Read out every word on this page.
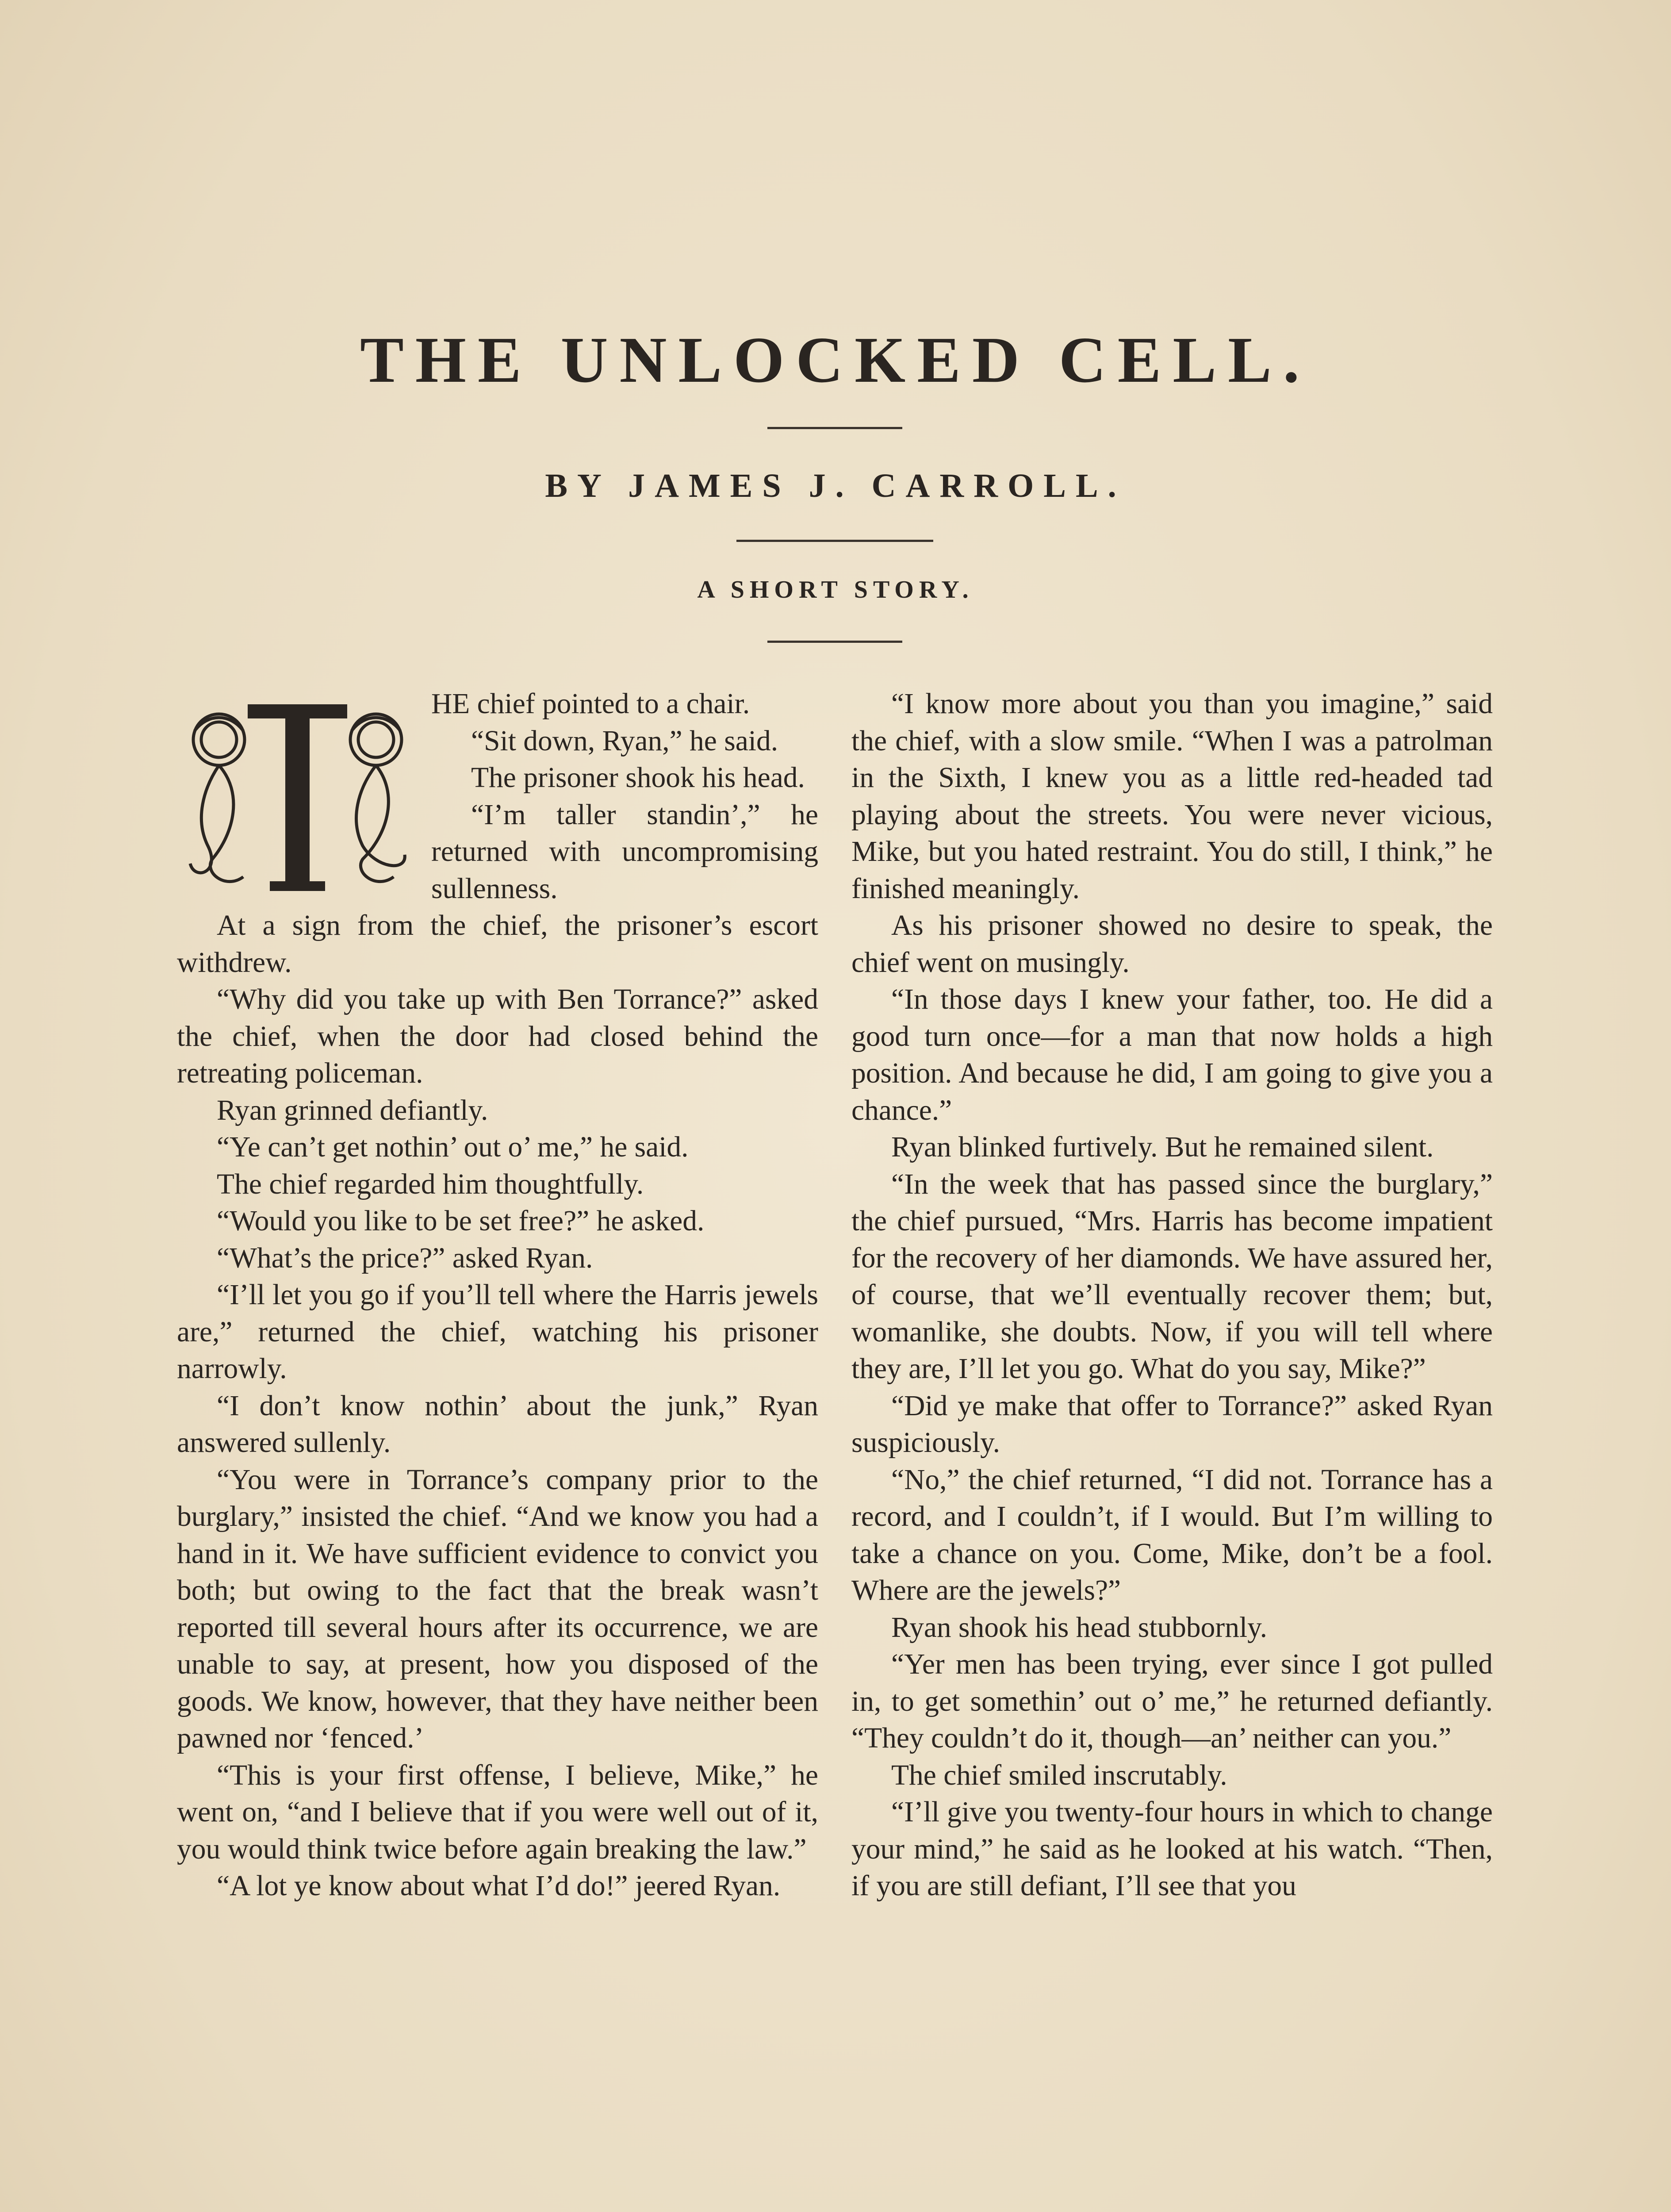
THE UNLOCKED CELL.
BY JAMES J. CARROLL.
A SHORT STORY.

HE chief pointed to a chair.

“Sit down, Ryan,” he said.

The prisoner shook his head.

“I’m taller standin’,” he returned with uncompromising sullenness.

At a sign from the chief, the prisoner’s escort withdrew.

“Why did you take up with Ben Torrance?” asked the chief, when the door had closed behind the retreating policeman.

Ryan grinned defiantly.

“Ye can’t get nothin’ out o’ me,” he said.

The chief regarded him thoughtfully.

“Would you like to be set free?” he asked.

“What’s the price?” asked Ryan.

“I’ll let you go if you’ll tell where the Harris jewels are,” returned the chief, watching his prisoner narrowly.

“I don’t know nothin’ about the junk,” Ryan answered sullenly.

“You were in Torrance’s company prior to the burglary,” insisted the chief. “And we know you had a hand in it. We have sufficient evidence to convict you both; but owing to the fact that the break wasn’t reported till several hours after its occurrence, we are unable to say, at present, how you disposed of the goods. We know, however, that they have neither been pawned nor ‘fenced.’

“This is your first offense, I believe, Mike,” he went on, “and I believe that if you were well out of it, you would think twice before again breaking the law.”

“A lot ye know about what I’d do!” jeered Ryan.

“I know more about you than you imagine,” said the chief, with a slow smile. “When I was a patrolman in the Sixth, I knew you as a little red-headed tad playing about the streets. You were never vicious, Mike, but you hated restraint. You do still, I think,” he finished meaningly.

As his prisoner showed no desire to speak, the chief went on musingly.

“In those days I knew your father, too. He did a good turn once—for a man that now holds a high position. And because he did, I am going to give you a chance.”

Ryan blinked furtively. But he remained silent.

“In the week that has passed since the burglary,” the chief pursued, “Mrs. Harris has become impatient for the recovery of her diamonds. We have assured her, of course, that we’ll eventually recover them; but, womanlike, she doubts. Now, if you will tell where they are, I’ll let you go. What do you say, Mike?”

“Did ye make that offer to Torrance?” asked Ryan suspiciously.

“No,” the chief returned, “I did not. Torrance has a record, and I couldn’t, if I would. But I’m willing to take a chance on you. Come, Mike, don’t be a fool. Where are the jewels?”

Ryan shook his head stubbornly.

“Yer men has been trying, ever since I got pulled in, to get somethin’ out o’ me,” he returned defiantly. “They couldn’t do it, though—an’ neither can you.”

The chief smiled inscrutably.

“I’ll give you twenty-four hours in which to change your mind,” he said as he looked at his watch. “Then, if you are still defiant, I’ll see that you
